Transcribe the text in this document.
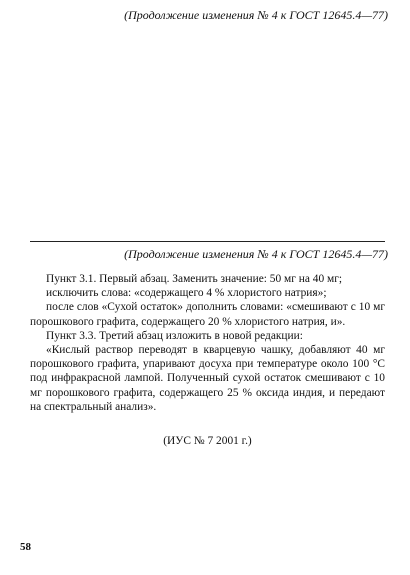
(Продолжение изменения № 4 к ГОСТ 12645.4—77)
(Продолжение изменения № 4 к ГОСТ 12645.4—77)

Пункт 3.1. Первый абзац. Заменить значение: 50 мг на 40 мг;

исключить слова: «содержащего 4 % хлористого натрия»;

после слов «Сухой остаток» дополнить словами: «смешивают с 10 мг порошкового графита, содержащего 20 % хлористого натрия, и».

Пункт 3.3. Третий абзац изложить в новой редакции:

«Кислый раствор переводят в кварцевую чашку, добавляют 40 мг порошкового графита, упаривают досуха при температуре около 100 °С под инфракрасной лампой. Полученный сухой остаток смешивают с 10 мг порошкового графита, содержащего 25 % оксида индия, и передают на спектральный анализ».

(ИУС № 7 2001 г.)
58
